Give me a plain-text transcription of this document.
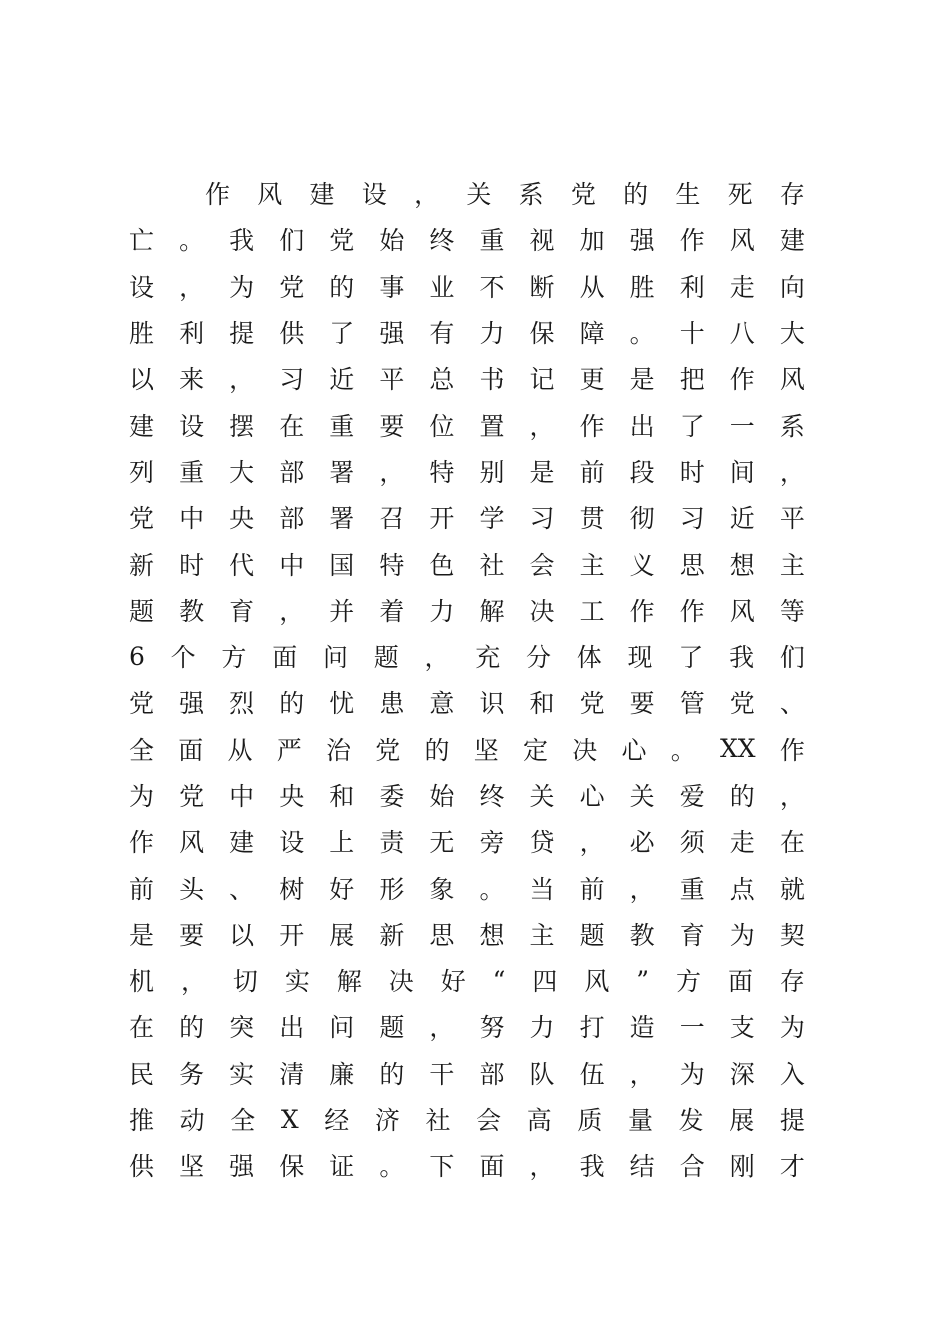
作 风 建 设 ， 关 系 党 的 生 死 存
亡 。 我 们 党 始 终 重 视 加 强 作 风 建
设 ， 为 党 的 事 业 不 断 从 胜 利 走 向
胜 利 提 供 了 强 有 力 保 障 。 十 八 大
以 来 ， 习 近 平 总 书 记 更 是 把 作 风
建 设 摆 在 重 要 位 置 ， 作 出 了 一 系
列 重 大 部 署 ， 特 别 是 前 段 时 间 ，
党 中 央 部 署 召 开 学 习 贯 彻 习 近 平
新 时 代 中 国 特 色 社 会 主 义 思 想 主
题 教 育 ， 并 着 力 解 决 工 作 作 风 等
6 个 方 面 问 题 ， 充 分 体 现 了 我 们
党 强 烈 的 忧 患 意 识 和 党 要 管 党 、
全 面 从 严 治 党 的 坚 定 决 心 。 XX 作
为 党 中 央 和 委 始 终 关 心 关 爱 的 ，
作 风 建 设 上 责 无 旁 贷 ， 必 须 走 在
前 头 、 树 好 形 象 。 当 前 ， 重 点 就
是 要 以 开 展 新 思 想 主 题 教 育 为 契
机 ， 切 实 解 决 好 “ 四 风 ” 方 面 存
在 的 突 出 问 题 ， 努 力 打 造 一 支 为
民 务 实 清 廉 的 干 部 队 伍 ， 为 深 入
推 动 全 X 经 济 社 会 高 质 量 发 展 提
供 坚 强 保 证 。 下 面 ， 我 结 合 刚 才
